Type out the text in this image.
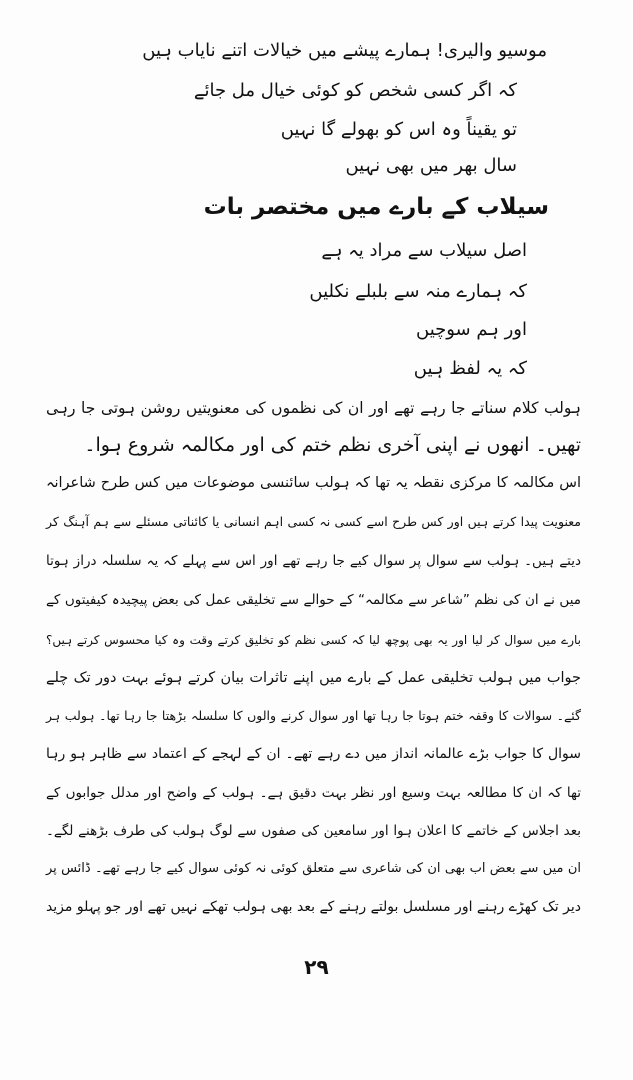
موسیو والیری! ہمارے پیشے میں خیالات اتنے نایاب ہیں
کہ اگر کسی شخص کو کوئی خیال مل جائے
تو یقیناً وہ اس کو بھولے گا نہیں
سال بھر میں بھی نہیں
سیلاب کے بارے میں مختصر بات
اصل سیلاب سے مراد یہ ہے
کہ ہمارے منہ سے بلبلے نکلیں
اور ہم سوچیں
کہ یہ لفظ ہیں
ہولب کلام سناتے جا رہے تھے اور ان کی نظموں کی معنویتیں روشن ہوتی جا رہی
تھیں۔ انھوں نے اپنی آخری نظم ختم کی اور مکالمہ شروع ہوا۔
اس مکالمہ کا مرکزی نقطہ یہ تھا کہ ہولب سائنسی موضوعات میں کس طرح شاعرانہ
معنویت پیدا کرتے ہیں اور کس طرح اسے کسی نہ کسی اہم انسانی یا کائناتی مسئلے سے ہم آہنگ کر
دیتے ہیں۔ ہولب سے سوال پر سوال کیے جا رہے تھے اور اس سے پہلے کہ یہ سلسلہ دراز ہوتا
میں نے ان کی نظم ”شاعر سے مکالمہ“ کے حوالے سے تخلیقی عمل کی بعض پیچیدہ کیفیتوں کے
بارے میں سوال کر لیا اور یہ بھی پوچھ لیا کہ کسی نظم کو تخلیق کرتے وقت وہ کیا محسوس کرتے ہیں؟
جواب میں ہولب تخلیقی عمل کے بارے میں اپنے تاثرات بیان کرتے ہوئے بہت دور تک چلے
گئے۔ سوالات کا وقفہ ختم ہوتا جا رہا تھا اور سوال کرنے والوں کا سلسلہ بڑھتا جا رہا تھا۔ ہولب ہر
سوال کا جواب بڑے عالمانہ انداز میں دے رہے تھے۔ ان کے لہجے کے اعتماد سے ظاہر ہو رہا
تھا کہ ان کا مطالعہ بہت وسیع اور نظر بہت دقیق ہے۔ ہولب کے واضح اور مدلل جوابوں کے
بعد اجلاس کے خاتمے کا اعلان ہوا اور سامعین کی صفوں سے لوگ ہولب کی طرف بڑھنے لگے۔
ان میں سے بعض اب بھی ان کی شاعری سے متعلق کوئی نہ کوئی سوال کیے جا رہے تھے۔ ڈائس پر
دیر تک کھڑے رہنے اور مسلسل بولتے رہنے کے بعد بھی ہولب تھکے نہیں تھے اور جو پہلو مزید
۲۹
